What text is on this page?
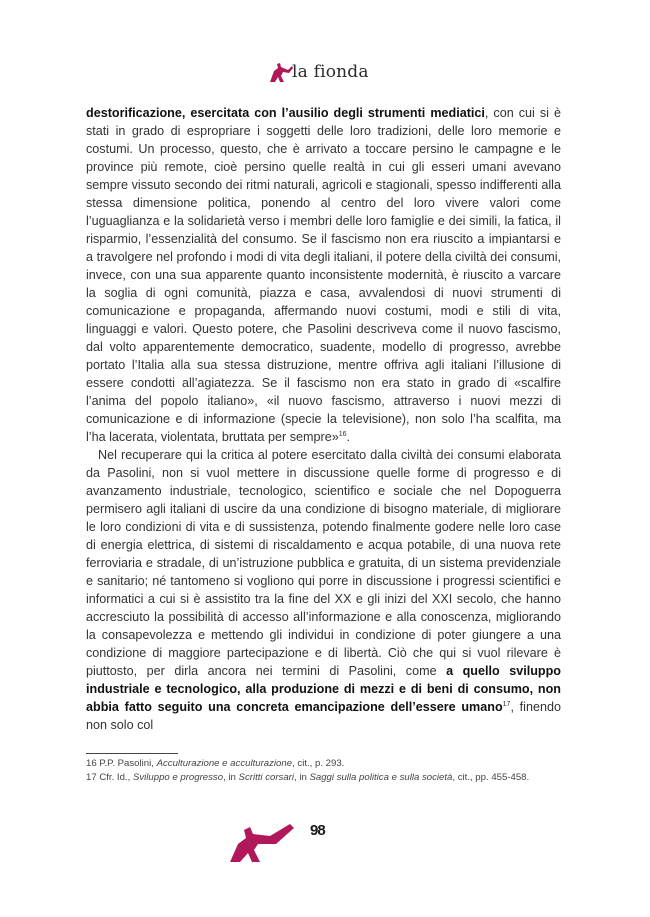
la fionda

destorificazione, esercitata con l’ausilio degli strumenti mediatici, con cui si è stati in grado di espropriare i soggetti delle loro tradizioni, delle loro memorie e costumi. Un processo, questo, che è arrivato a toccare persino le campagne e le province più remote, cioè persino quelle realtà in cui gli esseri umani avevano sempre vissuto secondo dei ritmi naturali, agricoli e stagionali, spesso indifferenti alla stessa dimensione politica, ponendo al centro del loro vivere valori come l’uguaglianza e la solidarietà verso i membri delle loro famiglie e dei simili, la fatica, il risparmio, l’essenzialità del consumo. Se il fascismo non era riuscito a impiantarsi e a travolgere nel profondo i modi di vita degli italiani, il potere della civiltà dei consumi, invece, con una sua apparente quanto inconsistente modernità, è riuscito a varcare la soglia di ogni comunità, piazza e casa, avvalendosi di nuovi strumenti di comunicazione e propaganda, affermando nuovi costumi, modi e stili di vita, linguaggi e valori. Questo potere, che Pasolini descriveva come il nuovo fascismo, dal volto apparentemente democratico, suadente, modello di progresso, avrebbe portato l’Italia alla sua stessa distruzione, mentre offriva agli italiani l’illusione di essere condotti all’agiatezza. Se il fascismo non era stato in grado di «scalfire l’anima del popolo italiano», «il nuovo fascismo, attraverso i nuovi mezzi di comunicazione e di informazione (specie la televisione), non solo l’ha scalfita, ma l’ha lacerata, violentata, bruttata per sempre»$^{16}$.

Nel recuperare qui la critica al potere esercitato dalla civiltà dei consumi elaborata da Pasolini, non si vuol mettere in discussione quelle forme di progresso e di avanzamento industriale, tecnologico, scientifico e sociale che nel Dopoguerra permisero agli italiani di uscire da una condizione di bisogno materiale, di migliorare le loro condizioni di vita e di sussistenza, potendo finalmente godere nelle loro case di energia elettrica, di sistemi di riscaldamento e acqua potabile, di una nuova rete ferroviaria e stradale, di un’istruzione pubblica e gratuita, di un sistema previdenziale e sanitario; né tantomeno si vogliono qui porre in discussione i progressi scientifici e informatici a cui si è assistito tra la fine del XX e gli inizi del XXI secolo, che hanno accresciuto la possibilità di accesso all’informazione e alla conoscenza, migliorando la consapevolezza e mettendo gli individui in condizione di poter giungere a una condizione di maggiore partecipazione e di libertà. Ciò che qui si vuol rilevare è piuttosto, per dirla ancora nei termini di Pasolini, come a quello sviluppo industriale e tecnologico, alla produzione di mezzi e di beni di consumo, non abbia fatto seguito una concreta emancipazione dell’essere umano$^{17}$, finendo non solo col

16 P.P. Pasolini, Acculturazione e acculturazione, cit., p. 293.

17 Cfr. Id., Sviluppo e progresso, in Scritti corsari, in Saggi sulla politica e sulla società, cit., pp. 455-458.

98
